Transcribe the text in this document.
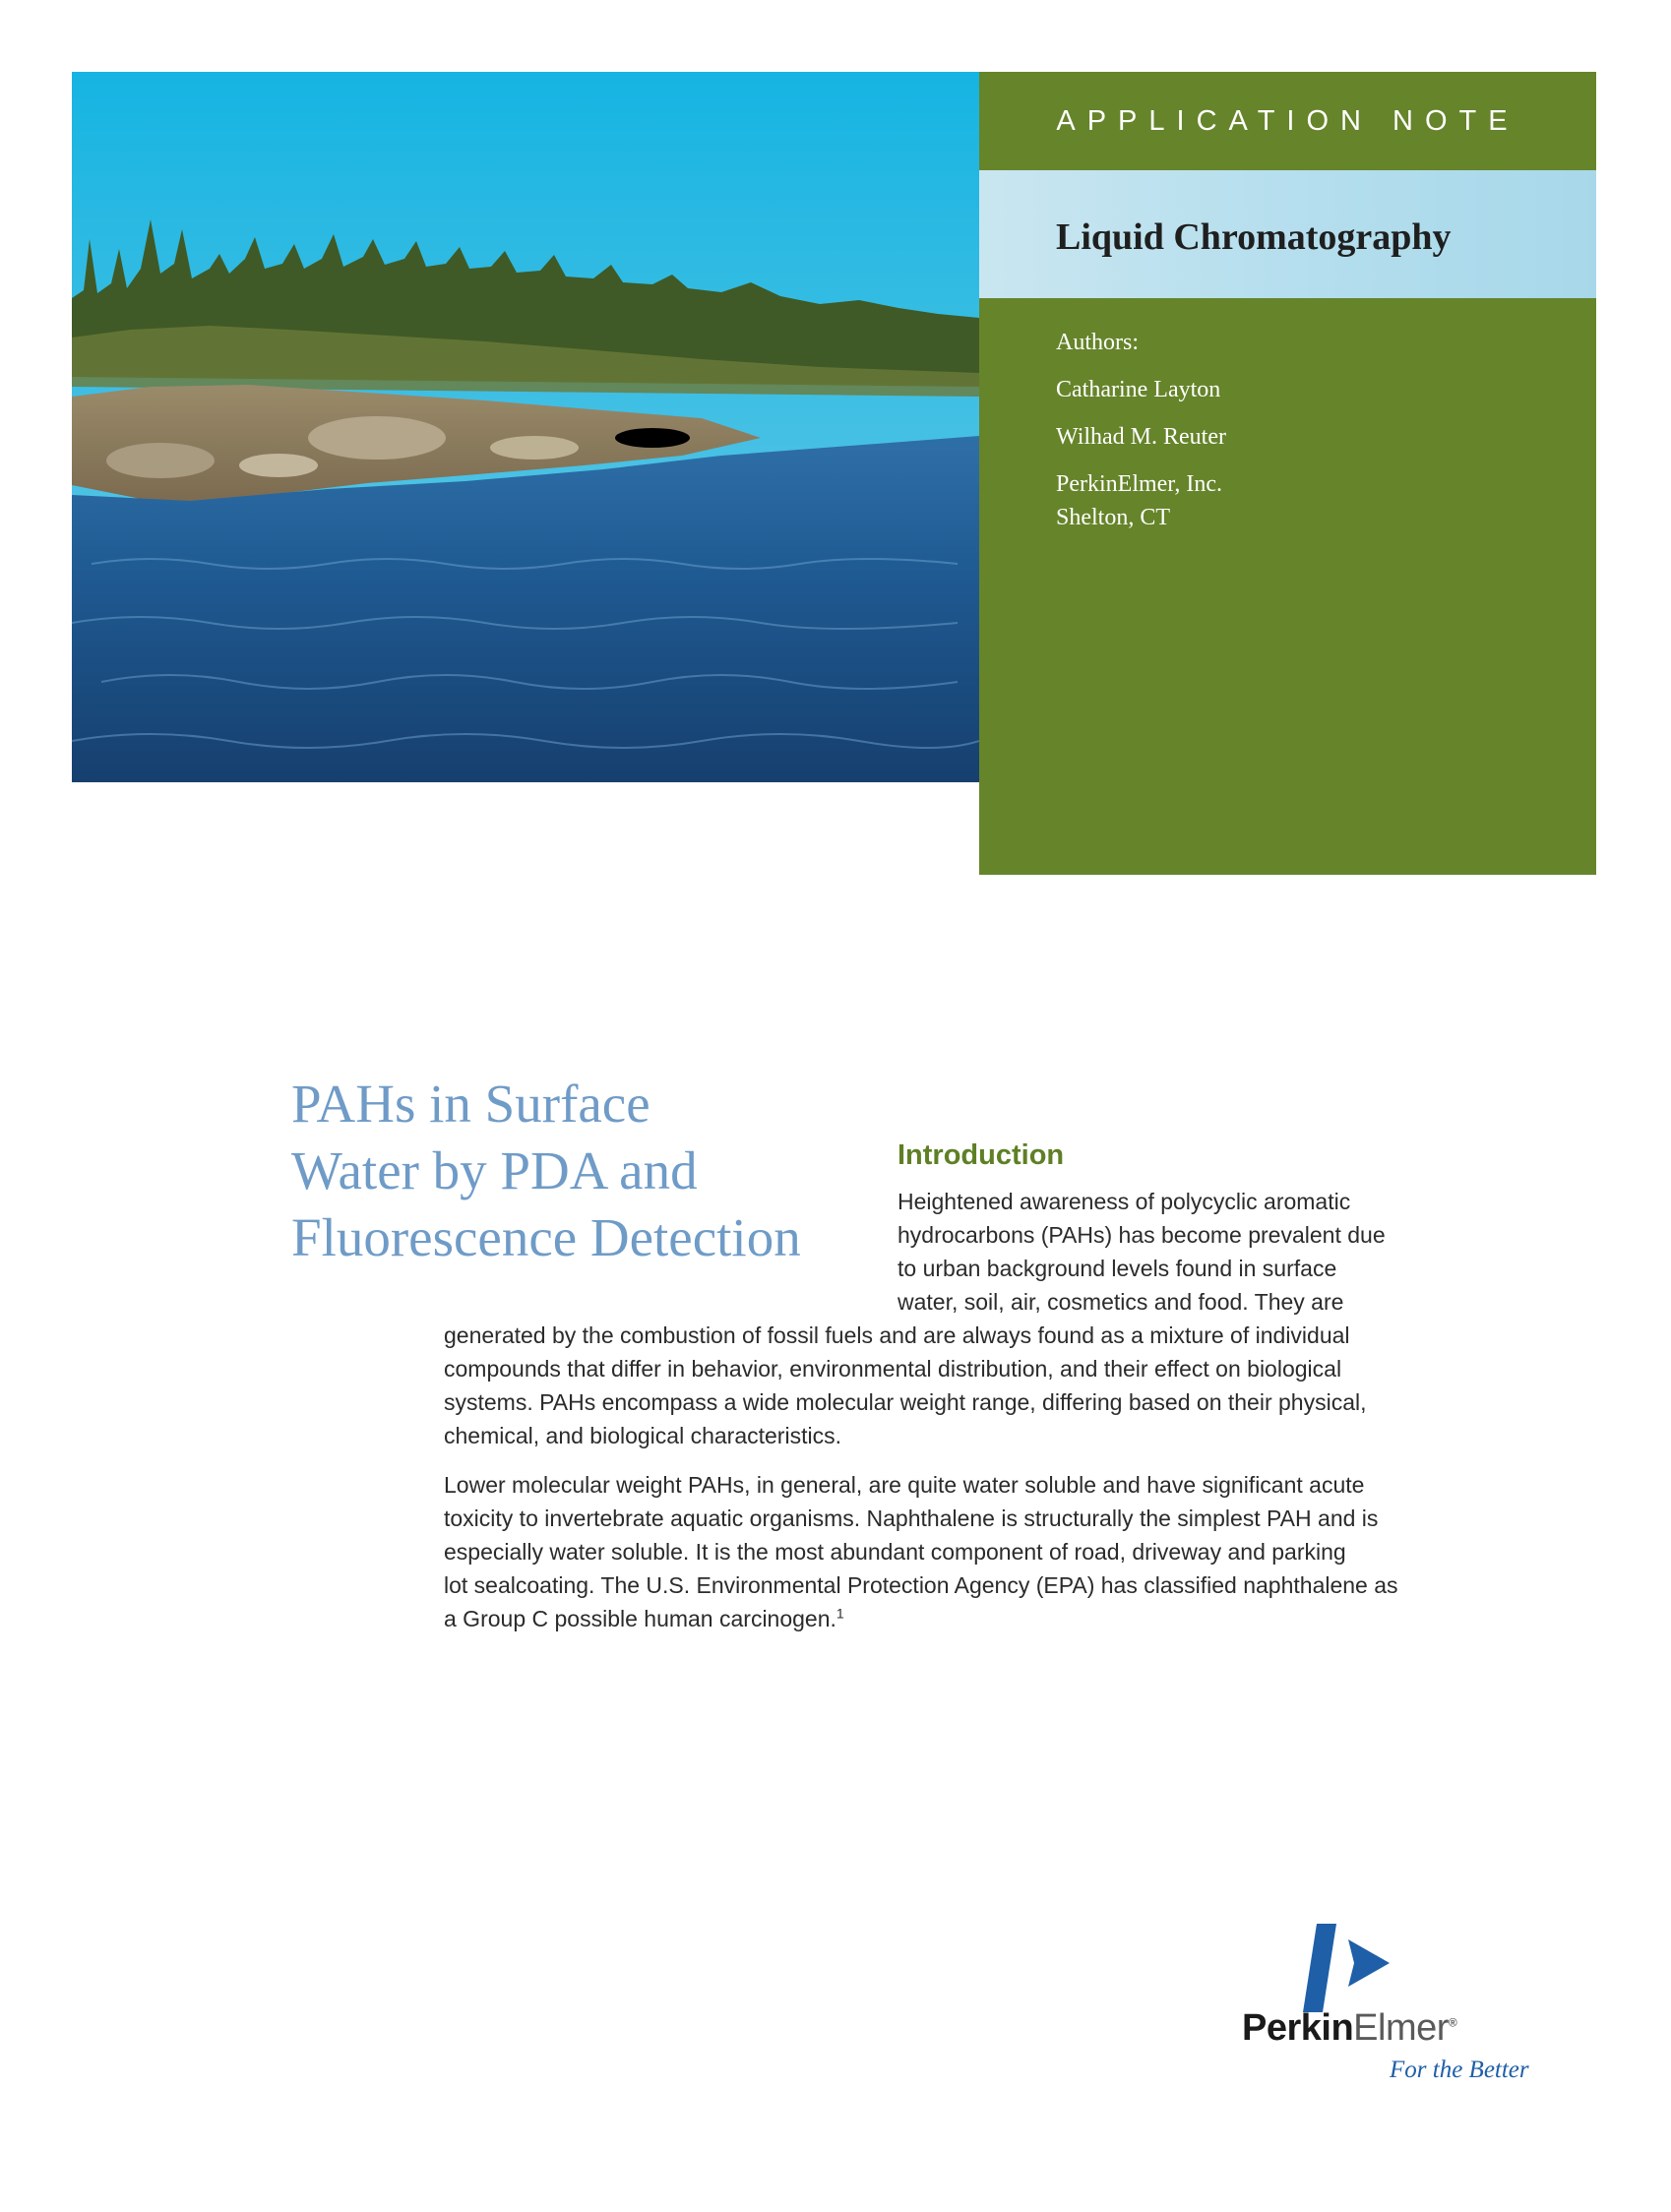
APPLICATION NOTE
Liquid Chromatography
Authors:
Catharine Layton
Wilhad M. Reuter
PerkinElmer, Inc.
Shelton, CT
PAHs in Surface
Water by PDA and
Fluorescence Detection
Introduction
Heightened awareness of polycyclic aromatic
hydrocarbons (PAHs) has become prevalent due
to urban background levels found in surface
water, soil, air, cosmetics and food. They are
generated by the combustion of fossil fuels and are always found as a mixture of individual
compounds that differ in behavior, environmental distribution, and their effect on biological
systems. PAHs encompass a wide molecular weight range, differing based on their physical,
chemical, and biological characteristics.
Lower molecular weight PAHs, in general, are quite water soluble and have significant acute
toxicity to invertebrate aquatic organisms. Naphthalene is structurally the simplest PAH and is
especially water soluble. It is the most abundant component of road, driveway and parking
lot sealcoating. The U.S. Environmental Protection Agency (EPA) has classified naphthalene as
a Group C possible human carcinogen.$^1$
PerkinElmer®
For the Better
